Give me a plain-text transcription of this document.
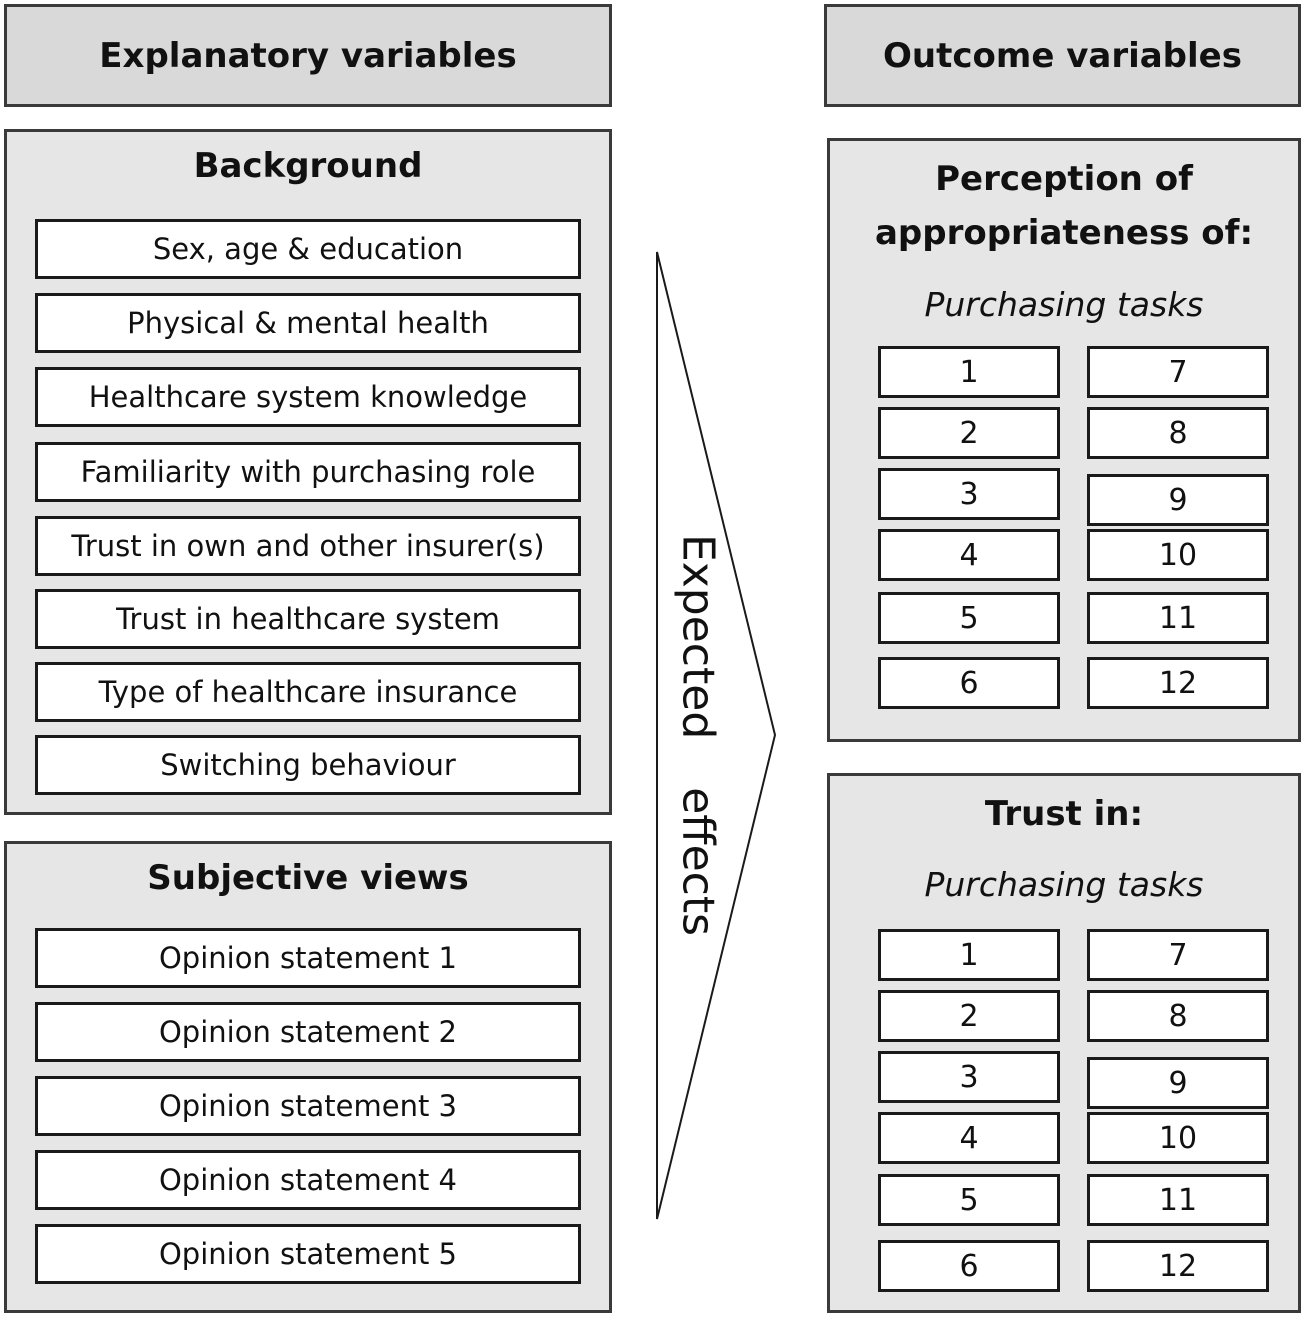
Explanatory variables	Outcome variables
Background
Sex, age & education
Physical & mental health
Healthcare system knowledge
Familiarity with purchasing role
Trust in own and other insurer(s)
Trust in healthcare system
Type of healthcare insurance
Switching behaviour
Subjective views
Opinion statement 1
Opinion statement 2
Opinion statement 3
Opinion statement 4
Opinion statement 5
Expected  effects
Perception of
appropriateness of:
Purchasing tasks
1
2
3
4
5
6
7
8
9
10
11
12
Trust in:
Purchasing tasks
1
2
3
4
5
6
7
8
9
10
11
12
